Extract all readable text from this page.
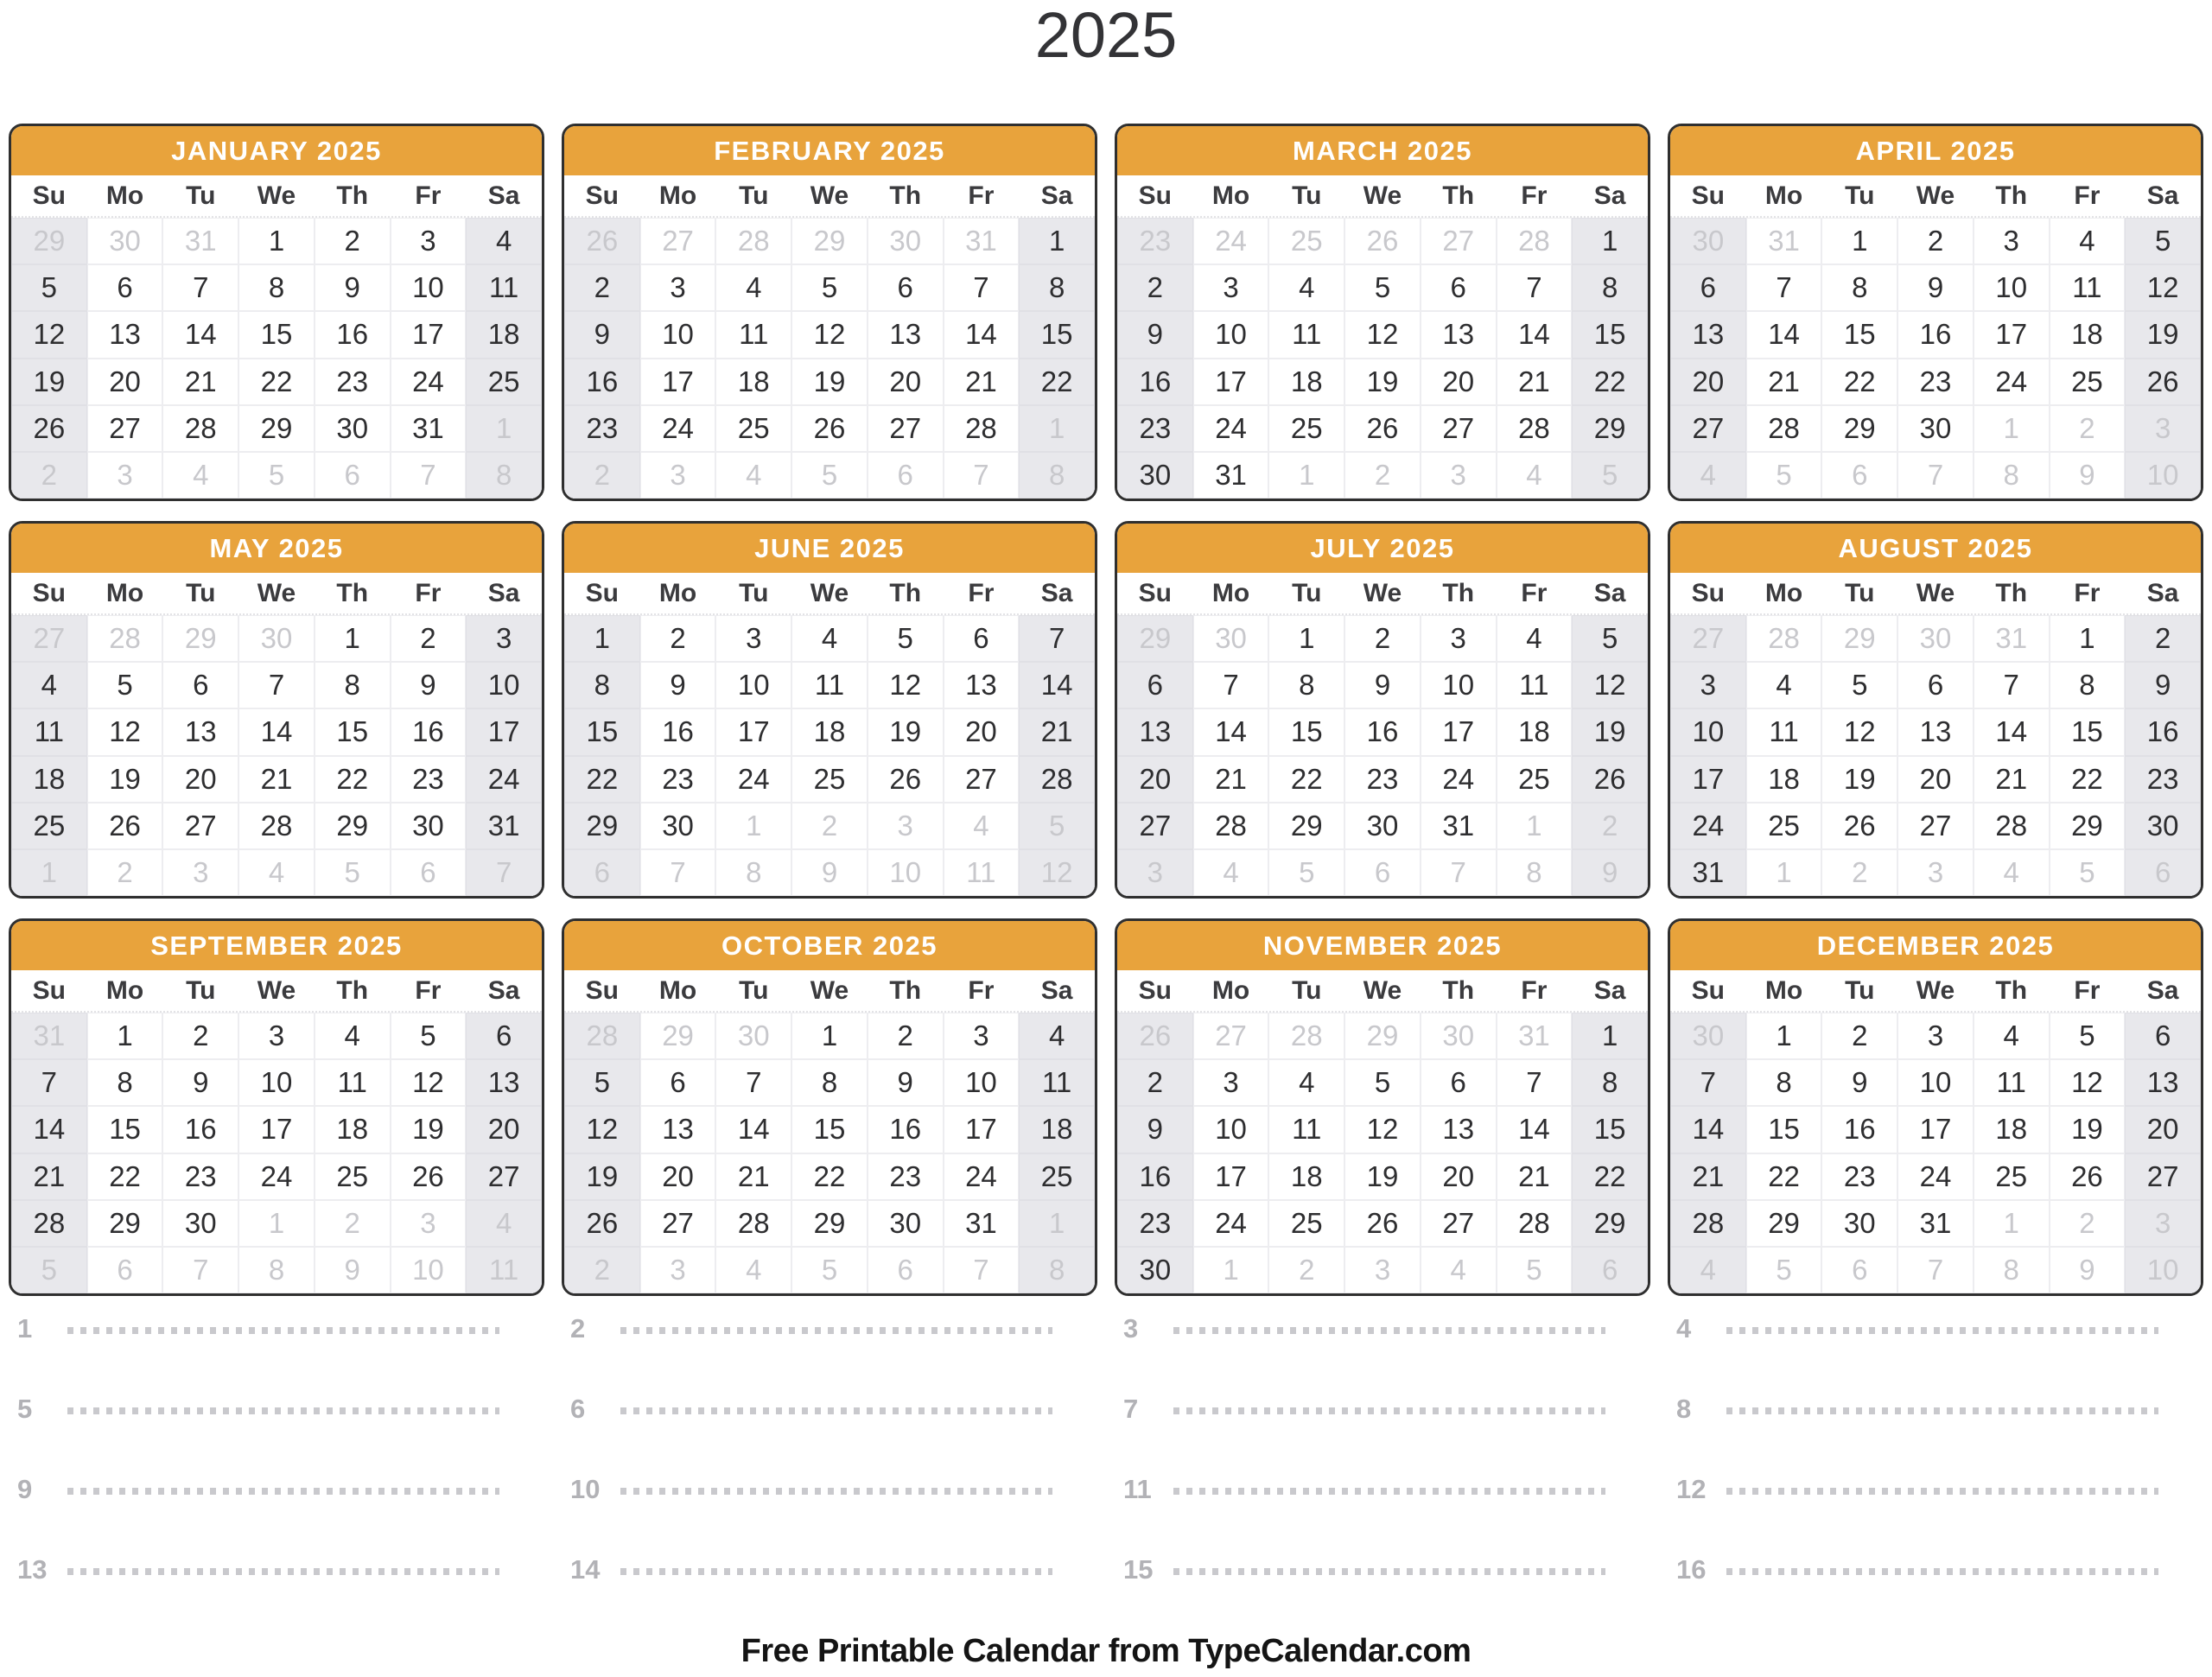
2025
JANUARY 2025
Su	Mo	Tu	We	Th	Fr	Sa
29	30	31	1	2	3	4
5	6	7	8	9	10	11
12	13	14	15	16	17	18
19	20	21	22	23	24	25
26	27	28	29	30	31	1
2	3	4	5	6	7	8
FEBRUARY 2025
Su	Mo	Tu	We	Th	Fr	Sa
26	27	28	29	30	31	1
2	3	4	5	6	7	8
9	10	11	12	13	14	15
16	17	18	19	20	21	22
23	24	25	26	27	28	1
2	3	4	5	6	7	8
MARCH 2025
Su	Mo	Tu	We	Th	Fr	Sa
23	24	25	26	27	28	1
2	3	4	5	6	7	8
9	10	11	12	13	14	15
16	17	18	19	20	21	22
23	24	25	26	27	28	29
30	31	1	2	3	4	5
APRIL 2025
Su	Mo	Tu	We	Th	Fr	Sa
30	31	1	2	3	4	5
6	7	8	9	10	11	12
13	14	15	16	17	18	19
20	21	22	23	24	25	26
27	28	29	30	1	2	3
4	5	6	7	8	9	10
MAY 2025
Su	Mo	Tu	We	Th	Fr	Sa
27	28	29	30	1	2	3
4	5	6	7	8	9	10
11	12	13	14	15	16	17
18	19	20	21	22	23	24
25	26	27	28	29	30	31
1	2	3	4	5	6	7
JUNE 2025
Su	Mo	Tu	We	Th	Fr	Sa
1	2	3	4	5	6	7
8	9	10	11	12	13	14
15	16	17	18	19	20	21
22	23	24	25	26	27	28
29	30	1	2	3	4	5
6	7	8	9	10	11	12
JULY 2025
Su	Mo	Tu	We	Th	Fr	Sa
29	30	1	2	3	4	5
6	7	8	9	10	11	12
13	14	15	16	17	18	19
20	21	22	23	24	25	26
27	28	29	30	31	1	2
3	4	5	6	7	8	9
AUGUST 2025
Su	Mo	Tu	We	Th	Fr	Sa
27	28	29	30	31	1	2
3	4	5	6	7	8	9
10	11	12	13	14	15	16
17	18	19	20	21	22	23
24	25	26	27	28	29	30
31	1	2	3	4	5	6
SEPTEMBER 2025
Su	Mo	Tu	We	Th	Fr	Sa
31	1	2	3	4	5	6
7	8	9	10	11	12	13
14	15	16	17	18	19	20
21	22	23	24	25	26	27
28	29	30	1	2	3	4
5	6	7	8	9	10	11
OCTOBER 2025
Su	Mo	Tu	We	Th	Fr	Sa
28	29	30	1	2	3	4
5	6	7	8	9	10	11
12	13	14	15	16	17	18
19	20	21	22	23	24	25
26	27	28	29	30	31	1
2	3	4	5	6	7	8
NOVEMBER 2025
Su	Mo	Tu	We	Th	Fr	Sa
26	27	28	29	30	31	1
2	3	4	5	6	7	8
9	10	11	12	13	14	15
16	17	18	19	20	21	22
23	24	25	26	27	28	29
30	1	2	3	4	5	6
DECEMBER 2025
Su	Mo	Tu	We	Th	Fr	Sa
30	1	2	3	4	5	6
7	8	9	10	11	12	13
14	15	16	17	18	19	20
21	22	23	24	25	26	27
28	29	30	31	1	2	3
4	5	6	7	8	9	10
1	2	3	4
5	6	7	8
9	10	11	12
13	14	15	16
Free Printable Calendar from TypeCalendar.com
